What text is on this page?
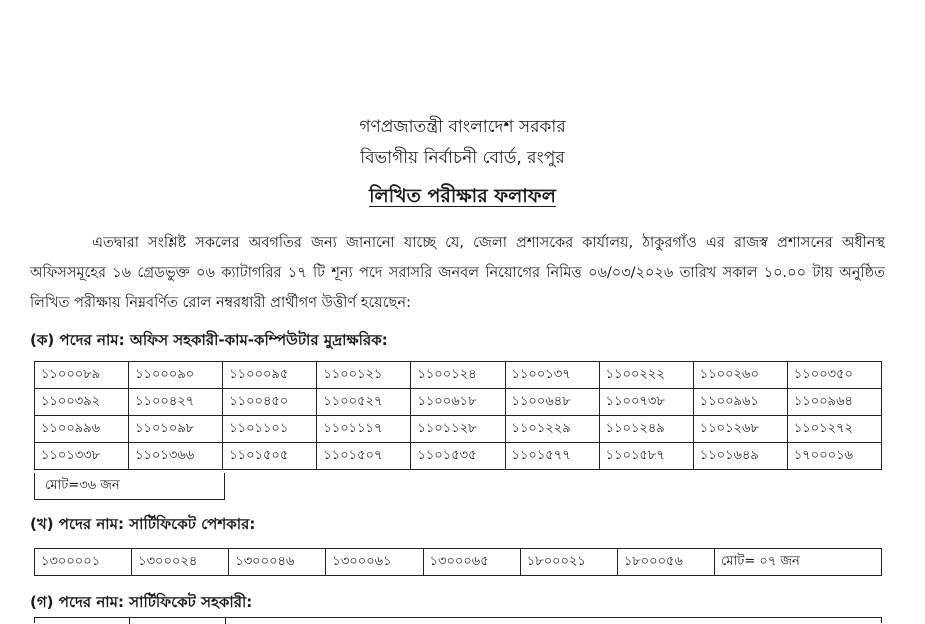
গণপ্রজাতন্ত্রী বাংলাদেশ সরকার
বিভাগীয় নির্বাচনী বোর্ড, রংপুর
লিখিত পরীক্ষার ফলাফল
এতদ্বারা সংশ্লিষ্ট সকলের অবগতির জন্য জানানো যাচ্ছে যে, জেলা প্রশাসকের কার্যালয়, ঠাকুরগাঁও এর রাজস্ব প্রশাসনের অধীনস্থ অফিসসমূহের ১৬ গ্রেডভুক্ত ০৬ ক্যাটাগরির ১৭ টি শূন্য পদে সরাসরি জনবল নিয়োগের নিমিত্ত ০৬/০৩/২০২৬ তারিখ সকাল ১০.০০ টায় অনুষ্ঠিত লিখিত পরীক্ষায় নিম্নবর্ণিত রোল নম্বরধারী প্রার্থীগণ উত্তীর্ণ হয়েছেন:
(ক) পদের নাম: অফিস সহকারী-কাম-কম্পিউটার মুদ্রাক্ষরিক:
১১০০০৮৯	১১০০০৯০	১১০০০৯৫	১১০০১২১	১১০০১২৪	১১০০১৩৭	১১০০২২২	১১০০২৬০	১১০০৩৫০
১১০০৩৯২	১১০০৪২৭	১১০০৪৫০	১১০০৫২৭	১১০০৬১৮	১১০০৬৪৮	১১০০৭৩৮	১১০০৯৬১	১১০০৯৬৪
১১০০৯৯৬	১১০১০৯৮	১১০১১০১	১১০১১১৭	১১০১১২৮	১১০১২২৯	১১০১২৪৯	১১০১২৬৮	১১০১২৭২
১১০১৩৩৮	১১০১৩৬৬	১১০১৫০৫	১১০১৫০৭	১১০১৫৩৫	১১০১৫৭৭	১১০১৫৮৭	১১০১৬৪৯	১৭০০০১৬
মোট=৩৬ জন
(খ) পদের নাম: সার্টিফিকেট পেশকার:
১৩০০০০১	১৩০০০২৪	১৩০০০৪৬	১৩০০০৬১	১৩০০০৬৫	১৮০০০২১	১৮০০০৫৬	মোট= ০৭ জন
(গ) পদের নাম: সার্টিফিকেট সহকারী:
